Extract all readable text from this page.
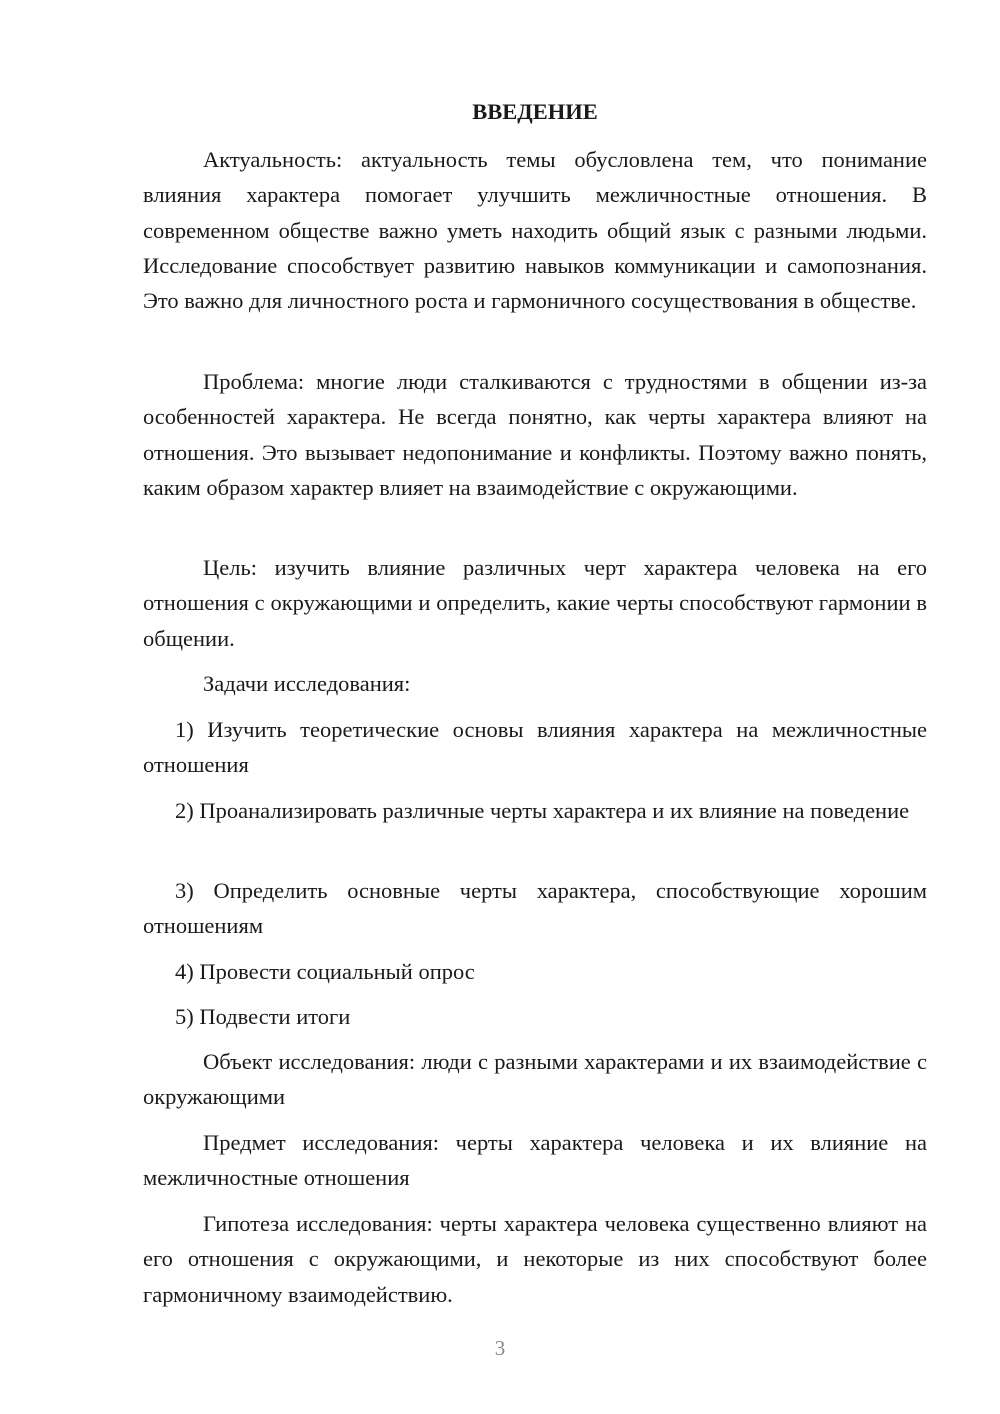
ВВЕДЕНИЕ

Актуальность: актуальность темы обусловлена тем, что понимание влияния характера помогает улучшить межличностные отношения. В современном обществе важно уметь находить общий язык с разными людьми. Исследование способствует развитию навыков коммуникации и самопознания. Это важно для личностного роста и гармоничного сосуществования в обществе.

Проблема: многие люди сталкиваются с трудностями в общении из-за особенностей характера. Не всегда понятно, как черты характера влияют на отношения. Это вызывает недопонимание и конфликты. Поэтому важно понять, каким образом характер влияет на взаимодействие с окружающими.

Цель: изучить влияние различных черт характера человека на его отношения с окружающими и определить, какие черты способствуют гармонии в общении.

Задачи исследования:

1) Изучить теоретические основы влияния характера на межличностные отношения

2) Проанализировать различные черты характера и их влияние на поведение

3) Определить основные черты характера, способствующие хорошим отношениям

4) Провести социальный опрос

5) Подвести итоги

Объект исследования: люди с разными характерами и их взаимодействие с окружающими

Предмет исследования: черты характера человека и их влияние на межличностные отношения

Гипотеза исследования: черты характера человека существенно влияют на его отношения с окружающими, и некоторые из них способствуют более гармоничному взаимодействию.

3
